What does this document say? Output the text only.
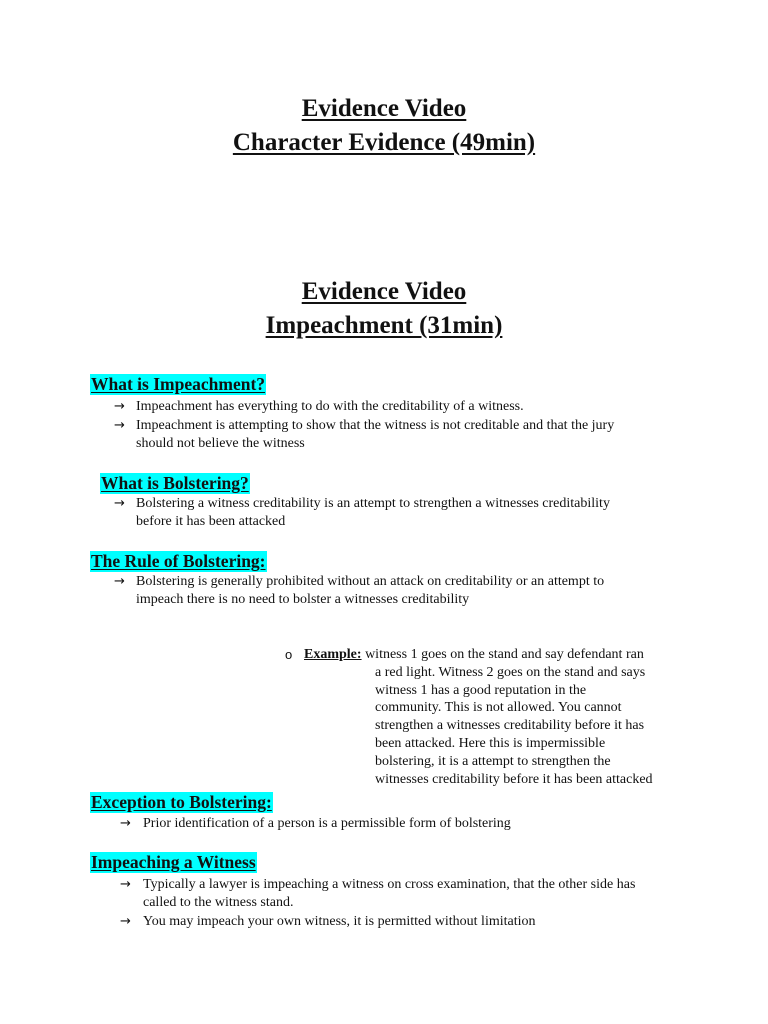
Evidence Video
Character Evidence (49min)
Evidence Video
Impeachment (31min)
What is Impeachment?
→ Impeachment has everything to do with the creditability of a witness.
→ Impeachment is attempting to show that the witness is not creditable and that the jury
should not believe the witness
What is Bolstering?
→ Bolstering a witness creditability is an attempt to strengthen a witnesses creditability
before it has been attacked
The Rule of Bolstering:
→ Bolstering is generally prohibited without an attack on creditability or an attempt to
impeach there is no need to bolster a witnesses creditability
o Example: witness 1 goes on the stand and say defendant ran
a red light. Witness 2 goes on the stand and says
witness 1 has a good reputation in the
community. This is not allowed. You cannot
strengthen a witnesses creditability before it has
been attacked. Here this is impermissible
bolstering, it is a attempt to strengthen the
witnesses creditability before it has been attacked
Exception to Bolstering:
→ Prior identification of a person is a permissible form of bolstering
Impeaching a Witness
→ Typically a lawyer is impeaching a witness on cross examination, that the other side has
called to the witness stand.
→ You may impeach your own witness, it is permitted without limitation
